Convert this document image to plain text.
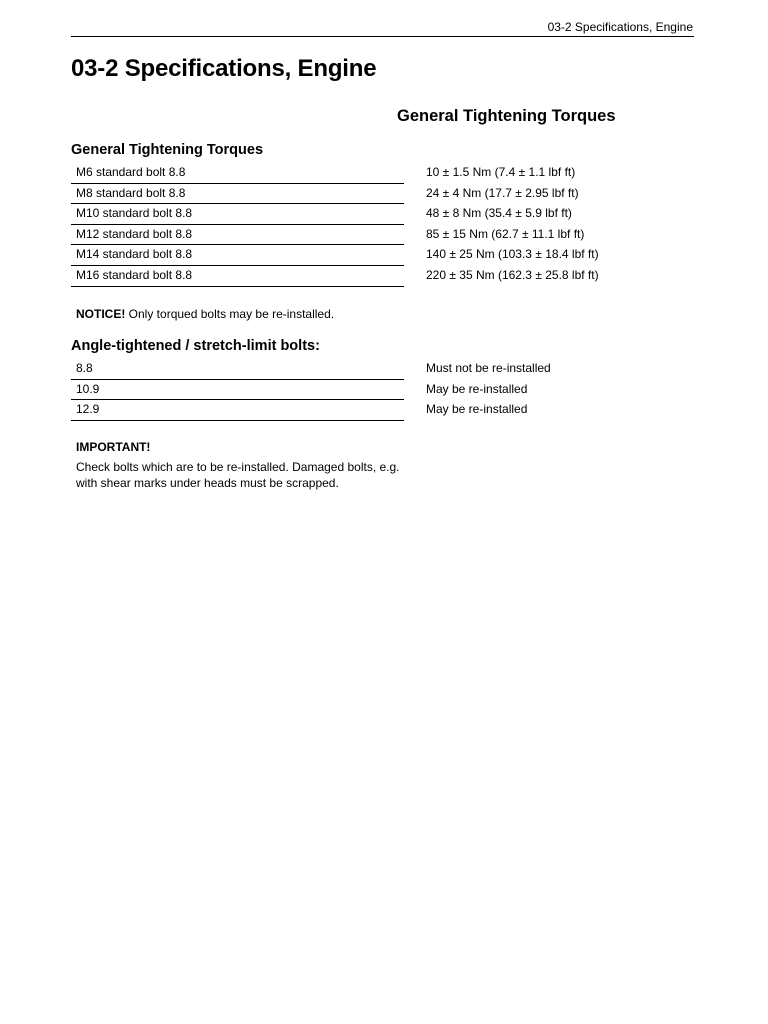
03-2 Specifications, Engine
03-2 Specifications, Engine
General Tightening Torques
General Tightening Torques
M6 standard bolt 8.8	10 ± 1.5 Nm (7.4 ± 1.1 lbf ft)
M8 standard bolt 8.8	24 ± 4 Nm (17.7 ± 2.95 lbf ft)
M10 standard bolt 8.8	48 ± 8 Nm (35.4 ± 5.9 lbf ft)
M12 standard bolt 8.8	85 ± 15 Nm (62.7 ± 11.1 lbf ft)
M14 standard bolt 8.8	140 ± 25 Nm (103.3 ± 18.4 lbf ft)
M16 standard bolt 8.8	220 ± 35 Nm (162.3 ± 25.8 lbf ft)
NOTICE! Only torqued bolts may be re-installed.
Angle-tightened / stretch-limit bolts:
8.8	Must not be re-installed
10.9	May be re-installed
12.9	May be re-installed
IMPORTANT!
Check bolts which are to be re-installed. Damaged bolts, e.g. with shear marks under heads must be scrapped.
